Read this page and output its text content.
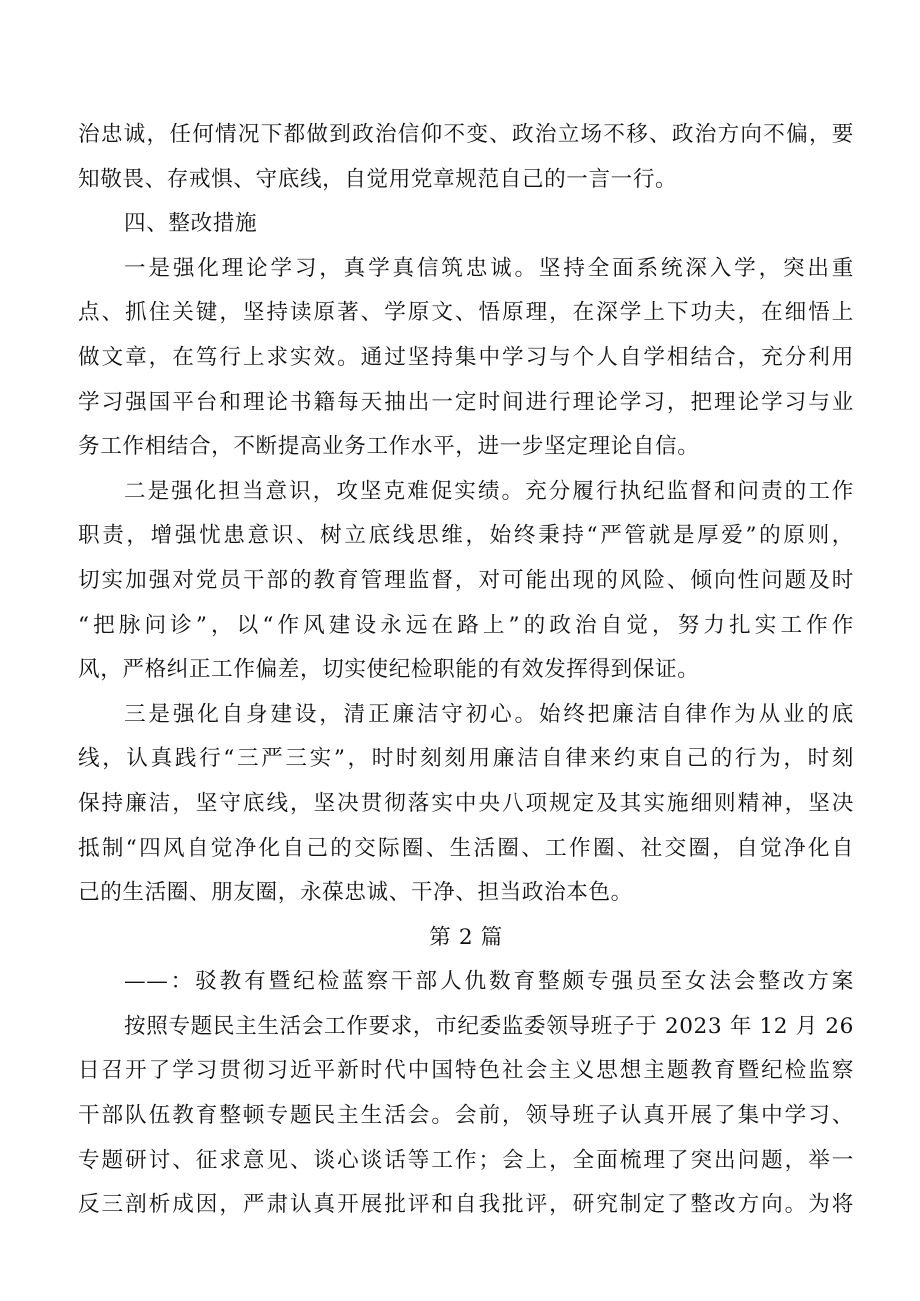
治忠诚，任何情况下都做到政治信仰不变、政治立场不移、政治方向不偏，要
知敬畏、存戒惧、守底线，自觉用党章规范自己的一言一行。
四、整改措施
一是强化理论学习，真学真信筑忠诚。坚持全面系统深入学，突出重
点、抓住关键，坚持读原著、学原文、悟原理，在深学上下功夫，在细悟上
做文章，在笃行上求实效。通过坚持集中学习与个人自学相结合，充分利用
学习强国平台和理论书籍每天抽出一定时间进行理论学习，把理论学习与业
务工作相结合，不断提高业务工作水平，进一步坚定理论自信。
二是强化担当意识，攻坚克难促实绩。充分履行执纪监督和问责的工作
职责，增强忧患意识、树立底线思维，始终秉持“严管就是厚爱”的原则，
切实加强对党员干部的教育管理监督，对可能出现的风险、倾向性问题及时
“把脉问诊”，以“作风建设永远在路上”的政治自觉，努力扎实工作作
风，严格纠正工作偏差，切实使纪检职能的有效发挥得到保证。
三是强化自身建设，清正廉洁守初心。始终把廉洁自律作为从业的底
线，认真践行“三严三实”，时时刻刻用廉洁自律来约束自己的行为，时刻
保持廉洁，坚守底线，坚决贯彻落实中央八项规定及其实施细则精神，坚决
抵制“四风自觉净化自己的交际圈、生活圈、工作圈、社交圈，自觉净化自
己的生活圈、朋友圈，永葆忠诚、干净、担当政治本色。
第 2 篇
——：驳教有暨纪检蓝察干部人仇数育整颇专强员至女法会整改方案
按照专题民主生活会工作要求，市纪委监委领导班子于 2023 年 12 月 26
日召开了学习贯彻习近平新时代中国特色社会主义思想主题教育暨纪检监察
干部队伍教育整顿专题民主生活会。会前，领导班子认真开展了集中学习、
专题研讨、征求意见、谈心谈话等工作；会上，全面梳理了突出问题，举一
反三剖析成因，严肃认真开展批评和自我批评，研究制定了整改方向。为将
